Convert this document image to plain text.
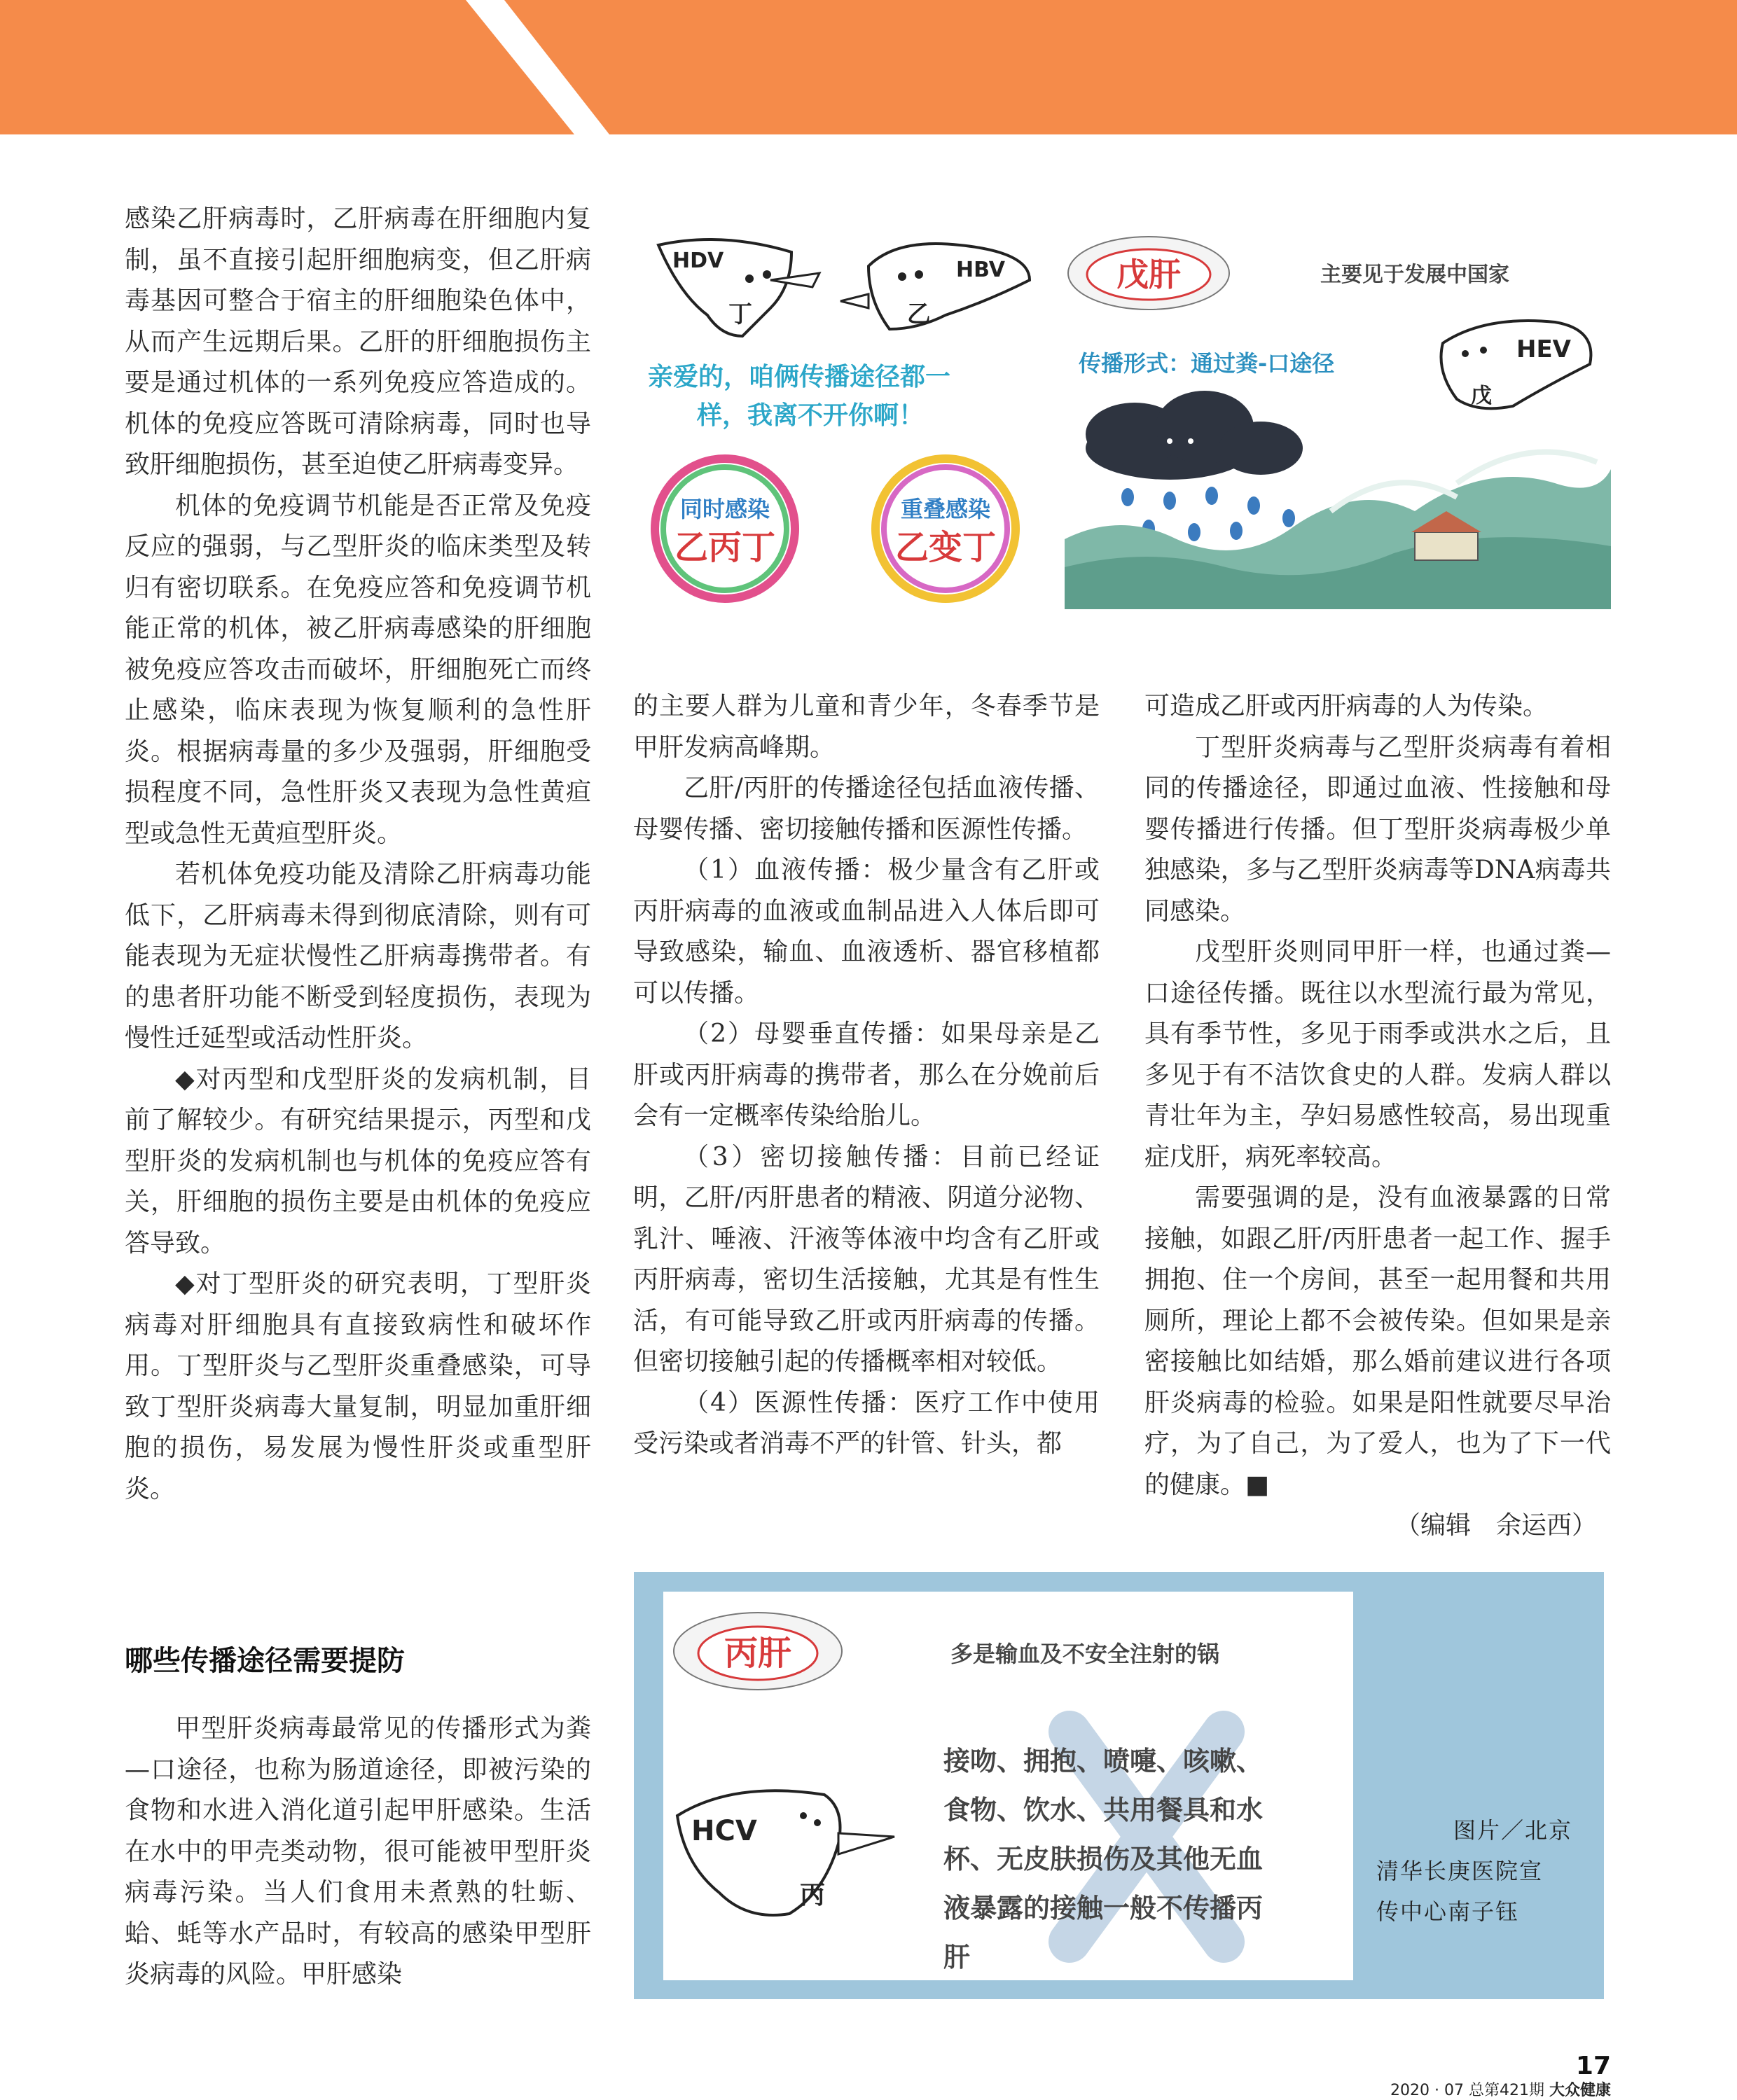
感染乙肝病毒时，乙肝病毒在肝细胞内复制，虽不直接引起肝细胞病变，但乙肝病毒基因可整合于宿主的肝细胞染色体中，从而产生远期后果。乙肝的肝细胞损伤主要是通过机体的一系列免疫应答造成的。机体的免疫应答既可清除病毒，同时也导致肝细胞损伤，甚至迫使乙肝病毒变异。

机体的免疫调节机能是否正常及免疫反应的强弱，与乙型肝炎的临床类型及转归有密切联系。在免疫应答和免疫调节机能正常的机体，被乙肝病毒感染的肝细胞被免疫应答攻击而破坏，肝细胞死亡而终止感染，临床表现为恢复顺利的急性肝炎。根据病毒量的多少及强弱，肝细胞受损程度不同，急性肝炎又表现为急性黄疸型或急性无黄疸型肝炎。

若机体免疫功能及清除乙肝病毒功能低下，乙肝病毒未得到彻底清除，则有可能表现为无症状慢性乙肝病毒携带者。有的患者肝功能不断受到轻度损伤，表现为慢性迁延型或活动性肝炎。

◆对丙型和戊型肝炎的发病机制，目前了解较少。有研究结果提示，丙型和戊型肝炎的发病机制也与机体的免疫应答有关，肝细胞的损伤主要是由机体的免疫应答导致。

◆对丁型肝炎的研究表明，丁型肝炎病毒对肝细胞具有直接致病性和破坏作用。丁型肝炎与乙型肝炎重叠感染，可导致丁型肝炎病毒大量复制，明显加重肝细胞的损伤，易发展为慢性肝炎或重型肝炎。

哪些传播途径需要提防

甲型肝炎病毒最常见的传播形式为粪—口途径，也称为肠道途径，即被污染的食物和水进入消化道引起甲肝感染。生活在水中的甲壳类动物，很可能被甲型肝炎病毒污染。当人们食用未煮熟的牡蛎、蛤、蚝等水产品时，有较高的感染甲型肝炎病毒的风险。甲肝感染

的主要人群为儿童和青少年，冬春季节是甲肝发病高峰期。

乙肝/丙肝的传播途径包括血液传播、母婴传播、密切接触传播和医源性传播。

（1）血液传播：极少量含有乙肝或丙肝病毒的血液或血制品进入人体后即可导致感染，输血、血液透析、器官移植都可以传播。

（2）母婴垂直传播：如果母亲是乙肝或丙肝病毒的携带者，那么在分娩前后会有一定概率传染给胎儿。

（3）密切接触传播：目前已经证明，乙肝/丙肝患者的精液、阴道分泌物、乳汁、唾液、汗液等体液中均含有乙肝或丙肝病毒，密切生活接触，尤其是有性生活，有可能导致乙肝或丙肝病毒的传播。但密切接触引起的传播概率相对较低。

（4）医源性传播：医疗工作中使用受污染或者消毒不严的针管、针头，都

可造成乙肝或丙肝病毒的人为传染。

丁型肝炎病毒与乙型肝炎病毒有着相同的传播途径，即通过血液、性接触和母婴传播进行传播。但丁型肝炎病毒极少单独感染，多与乙型肝炎病毒等DNA病毒共同感染。

戊型肝炎则同甲肝一样，也通过粪—口途径传播。既往以水型流行最为常见，具有季节性，多见于雨季或洪水之后，且多见于有不洁饮食史的人群。发病人群以青壮年为主，孕妇易感性较高，易出现重症戊肝，病死率较高。

需要强调的是，没有血液暴露的日常接触，如跟乙肝/丙肝患者一起工作、握手拥抱、住一个房间，甚至一起用餐和共用厕所，理论上都不会被传染。但如果是亲密接触比如结婚，那么婚前建议进行各项肝炎病毒的检验。如果是阳性就要尽早治疗，为了自己，为了爱人，也为了下一代的健康。■

（编辑　余运西）

HDV
丁
HBV
乙
亲爱的，咱俩传播途径都一
样，我离不开你啊！
同时感染
乙丙丁
重叠感染
乙变丁
戊肝	主要见于发展中国家
传播形式：通过粪-口途径	HEV
戊
丙肝	多是输血及不安全注射的锅
HCV
丙
接吻、拥抱、喷嚏、咳嗽、
食物、饮水、共用餐具和水
杯、无皮肤损伤及其他无血
液暴露的接触一般不传播丙
肝
图片／北京
清华长庚医院宣
传中心南子钰
17
2020 · 07 总第421期 大众健康
